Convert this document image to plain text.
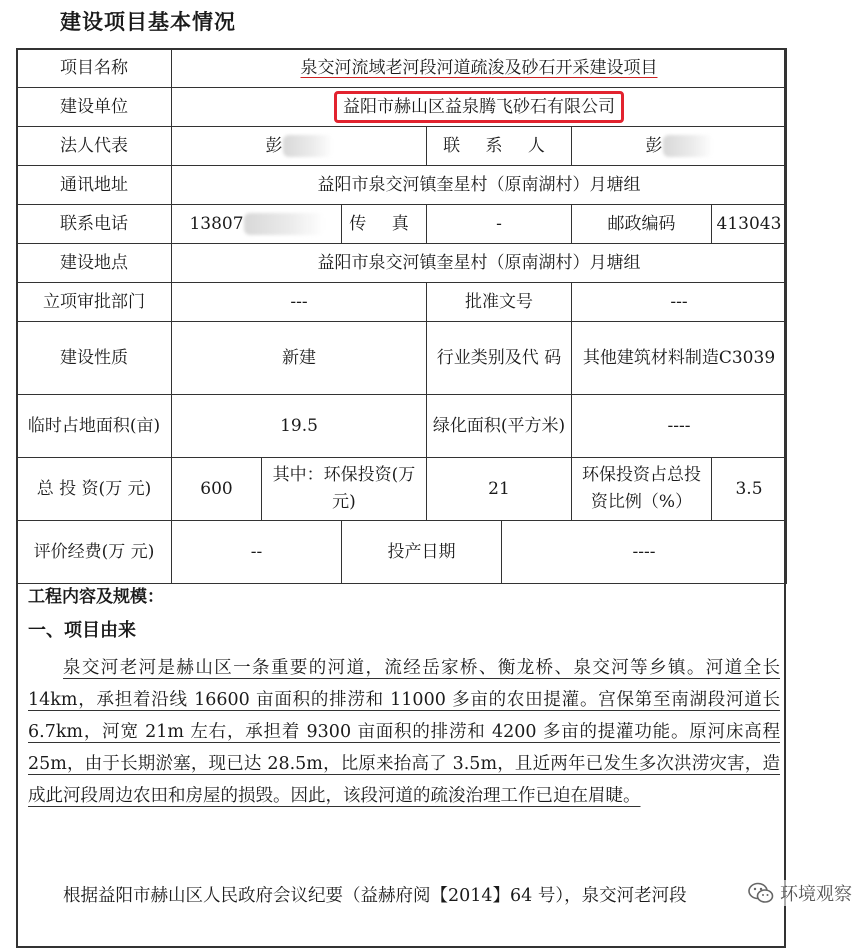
建设项目基本情况
项目名称	泉交河流域老河段河道疏浚及砂石开采建设项目						
建设单位	益阳市赫山区益泉腾飞砂石有限公司						
法人代表	彭			联 系 人		彭	
通讯地址	益阳市泉交河镇奎星村（原南湖村）月塘组						
联系电话	13807		传 真	-		邮政编码	413043
建设地点	益阳市泉交河镇奎星村（原南湖村）月塘组						
立项审批部门	---			批准文号		---	
建设性质	新建			行业类别及代 码		其他建筑材料制造C3039	
临时占地面积(亩)	19.5			绿化面积(平方米)		----	
总 投 资(万 元)	600	其中：环保投资(万元)		21		环保投资占总投资比例（%）	3.5
评价经费(万 元)	--		投产日期		----		
工程内容及规模：
一、项目由来
泉交河老河是赫山区一条重要的河道，流经岳家桥、衡龙桥、泉交河等乡镇。河道全长 14km，承担着沿线 16600 亩面积的排涝和 11000 多亩的农田提灌。宫保第至南湖段河道长 6.7km，河宽 21m 左右，承担着 9300 亩面积的排涝和 4200 多亩的提灌功能。原河床高程 25m，由于长期淤塞，现已达 28.5m，比原来抬高了 3.5m，且近两年已发生多次洪涝灾害，造成此河段周边农田和房屋的损毁。因此，该段河道的疏浚治理工作已迫在眉睫。
根据益阳市赫山区人民政府会议纪要（益赫府阅【2014】64 号），泉交河老河段	环境观察
